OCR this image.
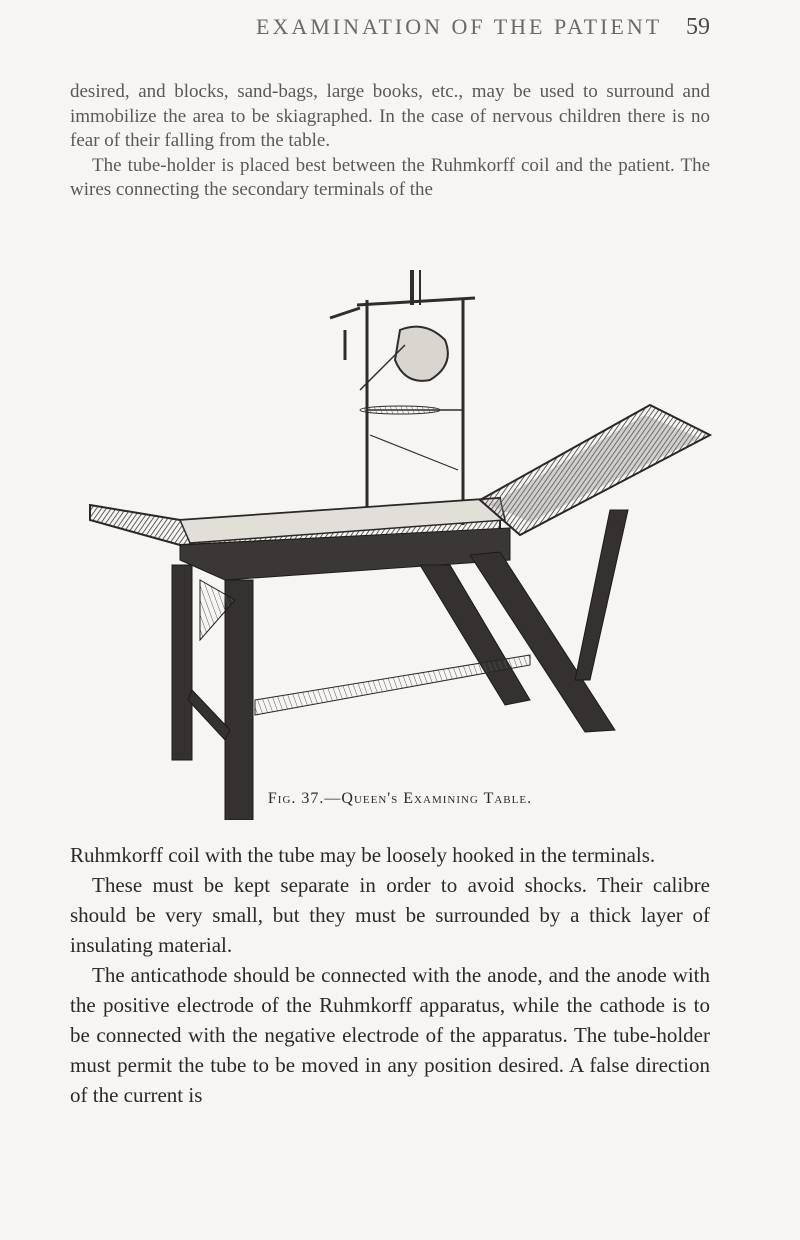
EXAMINATION OF THE PATIENT 59

desired, and blocks, sand-bags, large books, etc., may be used to surround and immobilize the area to be skiagraphed. In the case of nervous children there is no fear of their falling from the table.

The tube-holder is placed best between the Ruhmkorff coil and the patient. The wires connecting the secondary terminals of the

Fig. 37.—Queen's Examining Table.

Ruhmkorff coil with the tube may be loosely hooked in the terminals.

These must be kept separate in order to avoid shocks. Their calibre should be very small, but they must be surrounded by a thick layer of insulating material.

The anticathode should be connected with the anode, and the anode with the positive electrode of the Ruhmkorff apparatus, while the cathode is to be connected with the negative electrode of the apparatus. The tube-holder must permit the tube to be moved in any position desired. A false direction of the current is
